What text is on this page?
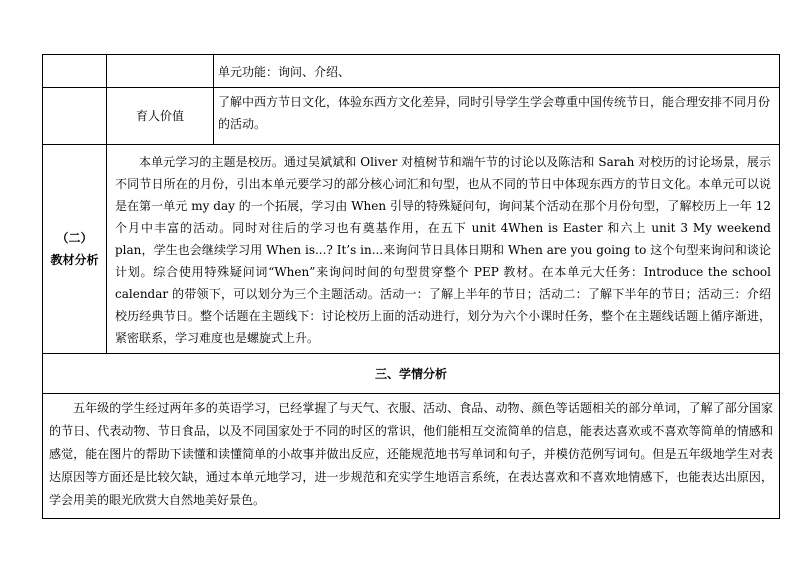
		单元功能：询问、介绍、

	育人价值	了解中西方节日文化，体验东西方文化差异，同时引导学生学会尊重中国传统节日，能合理安排不同月份的活动。

（二）
教材分析	本单元学习的主题是校历。通过吴斌斌和 Oliver 对植树节和端午节的讨论以及陈洁和 Sarah 对校历的讨论场景，展示不同节日所在的月份，引出本单元要学习的部分核心词汇和句型，也从不同的节日中体现东西方的节日文化。本单元可以说是在第一单元 my day 的一个拓展，学习由 When 引导的特殊疑问句，询问某个活动在那个月份句型，了解校历上一年 12 个月中丰富的活动。同时对往后的学习也有奠基作用，在五下 unit 4When is Easter 和六上 unit 3 My weekend plan，学生也会继续学习用 When is...? It’s in...来询问节日具体日期和 When are you going to 这个句型来询问和谈论计划。综合使用特殊疑问词“When”来询问时间的句型贯穿整个 PEP 教材。在本单元大任务：Introduce the school calendar 的带领下，可以划分为三个主题活动。活动一：了解上半年的节日；活动二：了解下半年的节日；活动三：介绍校历经典节日。整个话题在主题线下：讨论校历上面的活动进行，划分为六个小课时任务，整个在主题线话题上循序渐进，紧密联系，学习难度也是螺旋式上升。	

三、学情分析		

五年级的学生经过两年多的英语学习，已经掌握了与天气、衣服、活动、食品、动物、颜色等话题相关的部分单词，了解了部分国家的节日、代表动物、节日食品，以及不同国家处于不同的时区的常识，他们能相互交流简单的信息，能表达喜欢或不喜欢等简单的情感和感觉，能在图片的帮助下读懂和读懂简单的小故事并做出反应，还能规范地书写单词和句子，并模仿范例写词句。但是五年级地学生对表达原因等方面还是比较欠缺，通过本单元地学习，进一步规范和充实学生地语言系统，在表达喜欢和不喜欢地情感下，也能表达出原因，学会用美的眼光欣赏大自然地美好景色。		
